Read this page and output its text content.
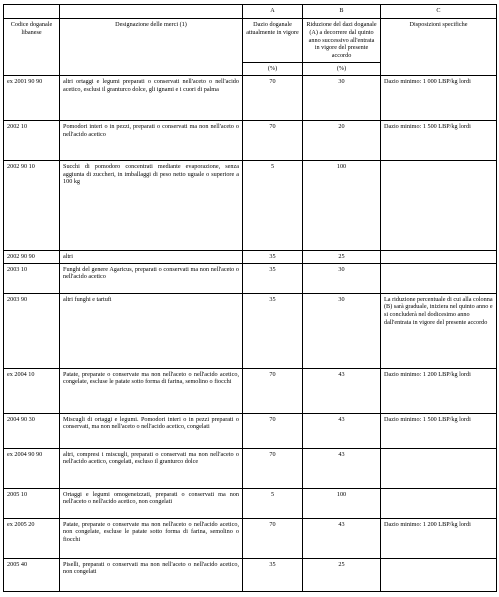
		A	B	C
Codice doganale libanese	Designazione delle merci (1)	Dazio doganale attualmente in vigore	Riduzione del dazi doganale (A) a decorrere dal quinto anno successivo all'entrata in vigore del presente accordo	Disposizioni specifiche
		(%)	(%)	
ex 2001 90 90	altri ortaggi e legumi preparati o conservati nell'aceto o nell'acido acetico, esclusi il granturco dolce, gli ignami e i cuori di palma	70	30	Dazio minimo: 1 000 LBP/kg lordi
2002 10	Pomodori interi o in pezzi, preparati o conservati ma non nell'aceto o nell'acido acetico	70	20	Dazio minimo: 1 500 LBP/kg lordi
2002 90 10	Succhi di pomodoro concentrati mediante evaporazione, senza aggiunta di zuccheri, in imballaggi di peso netto uguale o superiore a 100 kg	5	100	
2002 90 90	altri	35	25	
2003 10	Funghi del genere Agaricus, preparati o conservati ma non nell'aceto o nell'acido acetico	35	30	
2003 90	altri funghi e tartufi	35	30	La riduzione percentuale di cui alla colonna (B) sarà graduale, iniziera nel quinto anno e si concluderà nel dodicesimo anno dall'entrata in vigore del presente accordo
ex 2004 10	Patate, preparate o conservate ma non nell'aceto o nell'acido acetico, congelate, escluse le patate sotto forma di farina, semolino o fiocchi	70	43	Dazio minimo: 1 200 LBP/kg lordi
2004 90 30	Miscugli di ortaggi e legumi. Pomodori interi o in pezzi preparati o conservati, ma non nell'aceto o nell'acido acetico, congelati	70	43	Dazio minimo: 1 500 LBP/kg lordi
ex 2004 90 90	altri, compresi i miscugli, preparati o conservati ma non nell'aceto o nell'acido acetico, congelati, escluso il granturco dolce	70	43	
2005 10	Ortaggi e legumi omogeneizzati, preparati o conservati ma non nell'aceto o nell'acido acetico, non congelati	5	100	
ex 2005 20	Patate, preparate o conservate ma non nell'aceto o nell'acido acetico, non congelate, escluse le patate sotto forma di farina, semolino o fiocchi	70	43	Dazio minimo: 1 200 LBP/kg lordi
2005 40	Piselli, preparati o conservati ma non nell'aceto o nell'acido acetico, non congelati	35	25	
